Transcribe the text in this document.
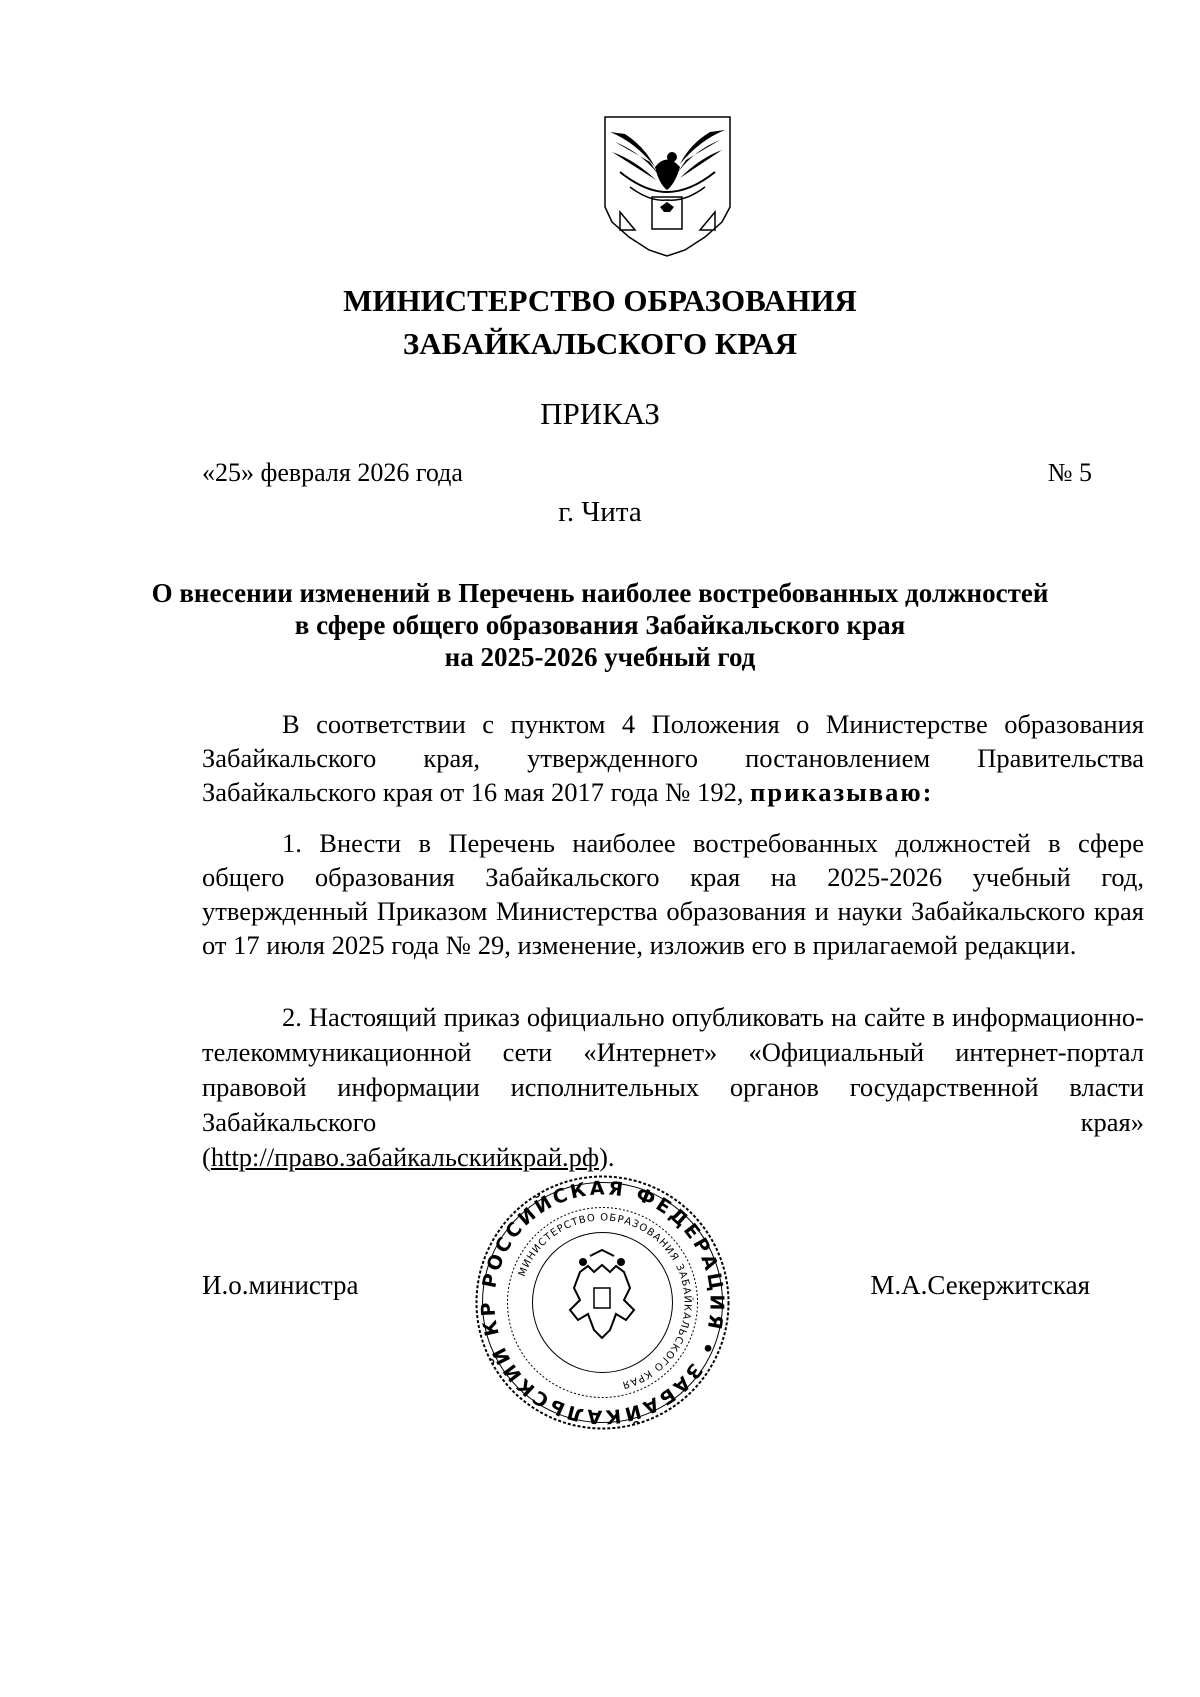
МИНИСТЕРСТВО ОБРАЗОВАНИЯ
ЗАБАЙКАЛЬСКОГО КРАЯ
ПРИКАЗ
«25» февраля 2026 года	№ 5
г. Чита
О внесении изменений в Перечень наиболее востребованных должностей
в сфере общего образования Забайкальского края
на 2025-2026 учебный год

В соответствии с пунктом 4 Положения о Министерстве образования Забайкальского края, утвержденного постановлением Правительства Забайкальского края от 16 мая 2017 года № 192, приказываю:

1. Внести в Перечень наиболее востребованных должностей в сфере общего образования Забайкальского края на 2025-2026 учебный год, утвержденный Приказом Министерства образования и науки Забайкальского края от 17 июля 2025 года № 29, изменение, изложив его в прилагаемой редакции.

2. Настоящий приказ официально опубликовать на сайте в информационно-телекоммуникационной сети «Интернет» «Официальный интернет-портал правовой информации исполнительных органов государственной власти Забайкальского края»

(http://право.забайкальскийкрай.рф).

РОССИЙСКАЯ ФЕДЕРАЦИЯ • ЗАБАЙКАЛЬСКИЙ КР
МИНИСТЕРСТВО ОБРАЗОВАНИЯ ЗАБАЙКАЛЬСКОГО КРАЯ
И.о.министра	М.А.Секержитская
